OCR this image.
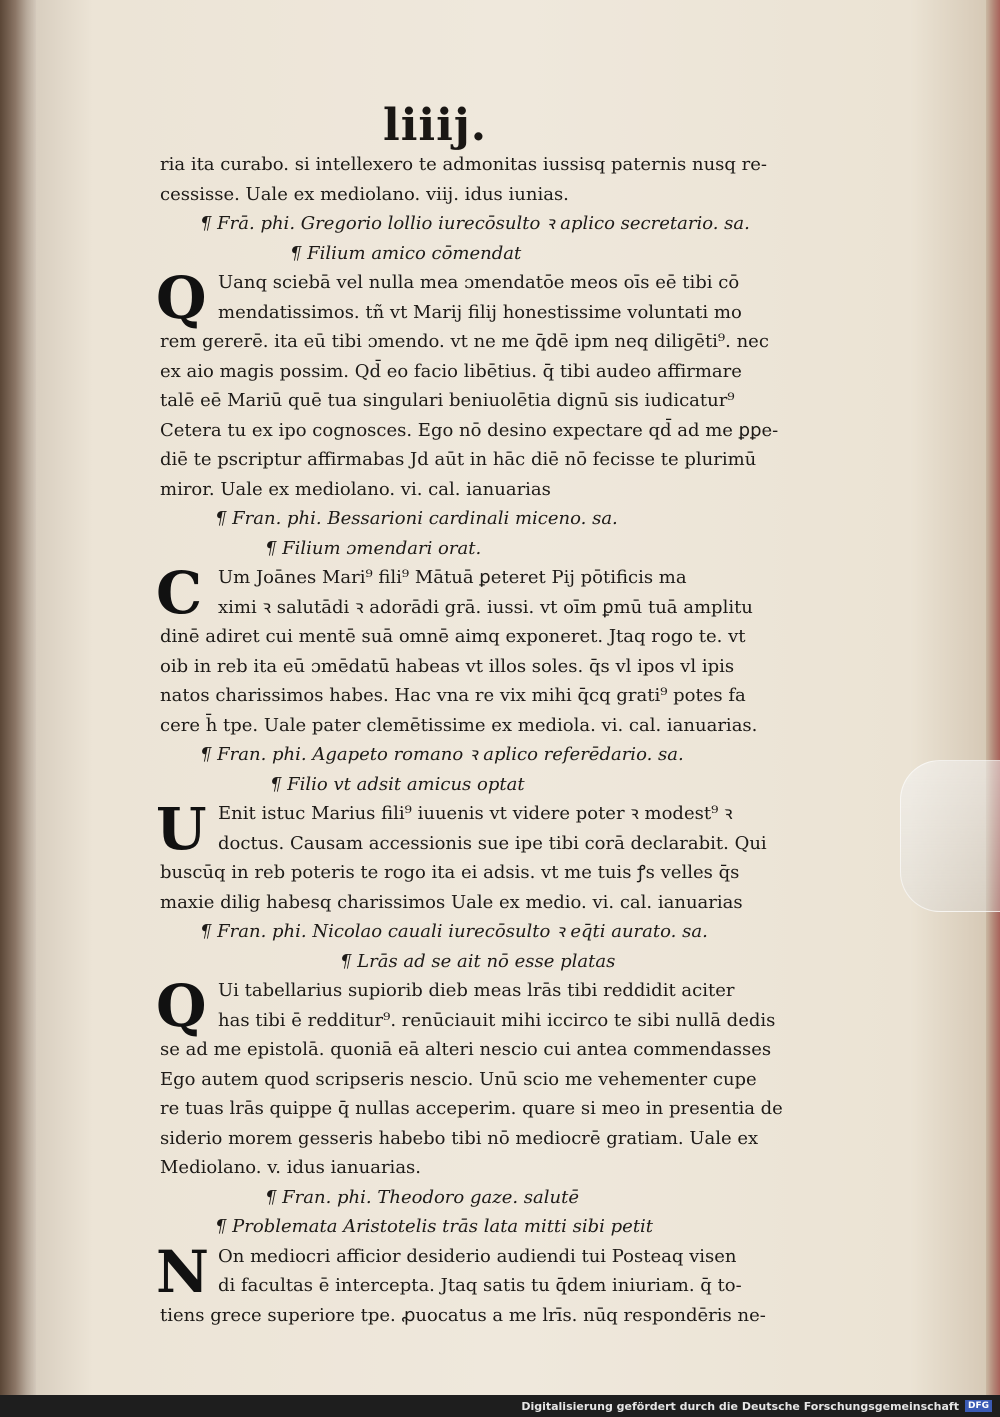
liiij.
ria ita curabo. si intellexero te admonitas iussisq paternis nusq re-
cessisse. Uale ex mediolano. viij. idus iunias.
¶ Frā. phi. Gregorio lollio iurecōsulto ꝛ aplico secretario. sa.
¶ Filium amico cōmendat
Q Uanq sciebā vel nulla mea ɔmendatōe meos oīs eē tibi cō
mendatissimos. tñ vt Marij filij honestissime voluntati mo
rem gererē. ita eū tibi ɔmendo. vt ne me q̄dē ipm neq diligēti⁹. nec
ex aio magis possim. Qd̄ eo facio libētius. q̄ tibi audeo affirmare
talē eē Mariū quē tua singulari beniuolētia dignū sis iudicatur⁹
Cetera tu ex ipo cognosces. Ego nō desino expectare qd̄ ad me ꝑꝑe-
diē te pscriptur affirmabas Jd aūt in hāc diē nō fecisse te plurimū
miror. Uale ex mediolano. vi. cal. ianuarias
¶ Fran. phi. Bessarioni cardinali miceno. sa.
¶ Filium ɔmendari orat.
C Um Joānes Mari⁹ fili⁹ Mātuā ꝑeteret Pij pōtificis ma
ximi ꝛ salutādi ꝛ adorādi grā. iussi. vt oīm ꝑmū tuā amplitu
dinē adiret cui mentē suā omnē aimq exponeret. Jtaq rogo te. vt
oib in reb ita eū ɔmēdatū habeas vt illos soles. q̄s vl ipos vl ipis
natos charissimos habes. Hac vna re vix mihi q̄cq grati⁹ potes fa
cere h̄ tpe. Uale pater clemētissime ex mediola. vi. cal. ianuarias.
¶ Fran. phi. Agapeto romano ꝛ aplico referēdario. sa.
¶ Filio vt adsit amicus optat
U Enit istuc Marius fili⁹ iuuenis vt videre poter ꝛ modest⁹ ꝛ
doctus. Causam accessionis sue ipe tibi corā declarabit. Qui
buscūq in reb poteris te rogo ita ei adsis. vt me tuis ꝭs velles q̄s
maxie dilig habesq charissimos Uale ex medio. vi. cal. ianuarias
¶ Fran. phi. Nicolao cauali iurecōsulto ꝛ eq̄ti aurato. sa.
¶ Lrās ad se ait nō esse platas
Q Ui tabellarius supiorib dieb meas lrās tibi reddidit aciter
has tibi ē redditur⁹. renūciauit mihi iccirco te sibi nullā dedis
se ad me epistolā. quoniā eā alteri nescio cui antea commendasses
Ego autem quod scripseris nescio. Unū scio me vehementer cupe
re tuas lrās quippe q̄ nullas acceperim. quare si meo in presentia de
siderio morem gesseris habebo tibi nō mediocrē gratiam. Uale ex
Mediolano. v. idus ianuarias.
¶ Fran. phi. Theodoro gaze. salutē
¶ Problemata Aristotelis trās lata mitti sibi petit
N On mediocri afficior desiderio audiendi tui Posteaq visen
di facultas ē intercepta. Jtaq satis tu q̄dem iniuriam. q̄ to-
tiens grece superiore tpe. ꝓuocatus a me lrīs. nūq respondēris ne-
Digitalisierung gefördert durch die Deutsche Forschungsgemeinschaft	DFG
